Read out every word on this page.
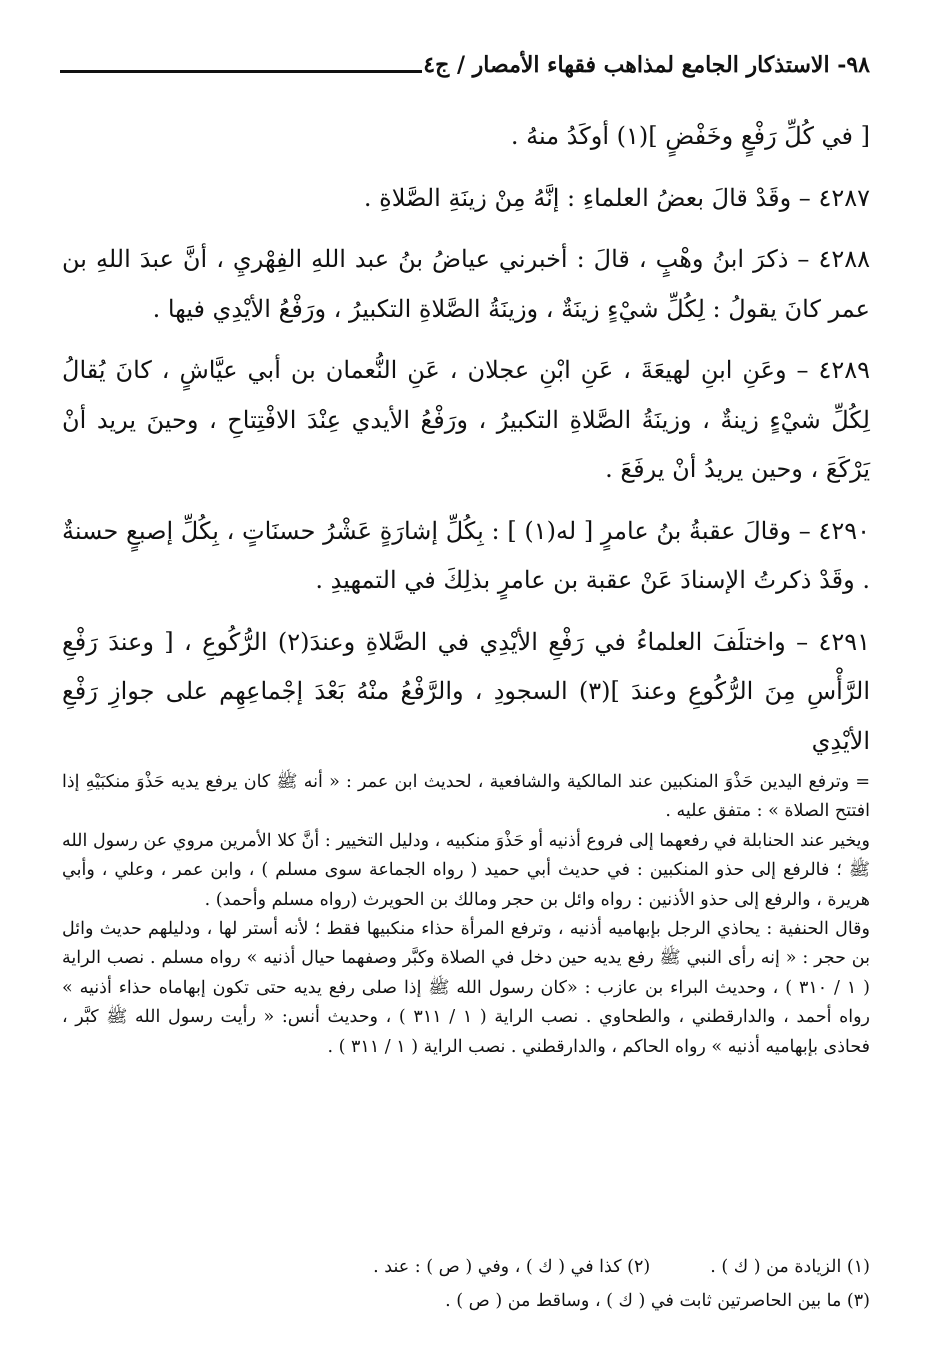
٩٨- الاستذكار الجامع لمذاهب فقهاء الأمصار / ج٤

[ في كُلِّ رَفْعٍ وخَفْضٍ ](١) أوكَدُ منهُ .

٤٢٨٧ – وقَدْ قالَ بعضُ العلماءِ : إنَّهُ مِنْ زينَةِ الصَّلاةِ .

٤٢٨٨ – ذكرَ ابنُ وهْبٍ ، قالَ : أخبرني عياضُ بنُ عبد اللهِ الفِهْريِ ، أنَّ عبدَ اللهِ بن عمر كانَ يقولُ : لِكُلِّ شيْءٍ زينَةٌ ، وزينَةُ الصَّلاةِ التكبيرُ ، ورَفْعُ الأيْدِي فيها .

٤٢٨٩ – وعَنِ ابنِ لهيعَةَ ، عَنِ ابْنِ عجلان ، عَنِ النُّعمان بن أبي عيَّاشٍ ، كانَ يُقالُ لِكُلِّ شيْءٍ زينةٌ ، وزينَةُ الصَّلاةِ التكبيرُ ، ورَفْعُ الأيدي عِنْدَ الافْتِتاحِ ، وحينَ يريد أنْ يَرْكَعَ ، وحين يريدُ أنْ يرفَعَ .

٤٢٩٠ – وقالَ عقبةُ بنُ عامرٍ [ له(١) ] : بِكُلِّ إشارَةٍ عَشْرُ حسنَاتٍ ، بِكُلِّ إصبعٍ حسنةٌ . وقَدْ ذكرتُ الإسنادَ عَنْ عقبة بن عامرٍ بذلِكَ في التمهيدِ .

٤٢٩١ – واختلَفَ العلماءُ في رَفْعِ الأيْدِي في الصَّلاةِ وعندَ(٢) الرُّكُوعِ ، [ وعندَ رَفْعِ الرَّأْسِ مِنَ الرُّكُوعِ وعندَ ](٣) السجودِ ، والرَّفْعُ منْهُ بَعْدَ إجْماعِهِم على جوازِ رَفْعِ الأيْدِي

= وترفع اليدين حَذْوَ المنكبين عند المالكية والشافعية ، لحديث ابن عمر : « أنه ﷺ كان يرفع يديه حَذْوَ منكبَيْهِ إذا افتتح الصلاة » : متفق عليه .

ويخير عند الحنابلة في رفعهما إلى فروع أذنيه أو حَذْوَ منكبيه ، ودليل التخيير : أنَّ كلا الأمرين مروي عن رسول الله ﷺ ؛ فالرفع إلى حذو المنكبين : في حديث أبي حميد ( رواه الجماعة سوى مسلم ) ، وابن عمر ، وعلي ، وأبي هريرة ، والرفع إلى حذو الأذنين : رواه وائل بن حجر ومالك بن الحويرث (رواه مسلم وأحمد) .

وقال الحنفية : يحاذي الرجل بإبهاميه أذنيه ، وترفع المرأة حذاء منكبيها فقط ؛ لأنه أستر لها ، ودليلهم حديث وائل بن حجر : « إنه رأى النبي ﷺ رفع يديه حين دخل في الصلاة وكبَّر وصفهما حيال أذنيه » رواه مسلم . نصب الراية ( ١ / ٣١٠ ) ، وحديث البراء بن عازب : «كان رسول الله ﷺ إذا صلى رفع يديه حتى تكون إبهاماه حذاء أذنيه » رواه أحمد ، والدارقطني ، والطحاوي . نصب الراية ( ١ / ٣١١ ) ، وحديث أنس: « رأيت رسول الله ﷺ كبَّر ، فحاذى بإبهاميه أذنيه » رواه الحاكم ، والدارقطني . نصب الراية ( ١ / ٣١١ ) .

(١) الزيادة من ( ك ) .
(٢) كذا في ( ك ) ، وفي ( ص ) : عند .
(٣) ما بين الحاصرتين ثابت في ( ك ) ، وساقط من ( ص ) .
